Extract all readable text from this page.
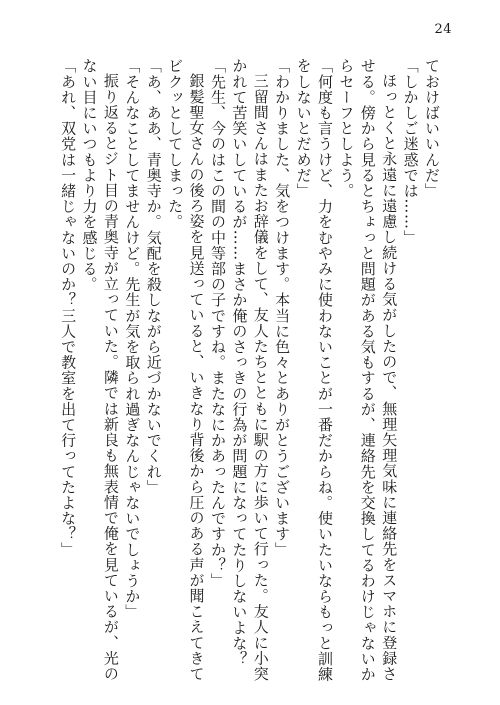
24
ておけばいいんだ」
「しかしご迷惑では……」
ほっとくと永遠に遠慮し続ける気がしたので、無理矢理気味に連絡先をスマホに登録さ
せる。傍から見るとちょっと問題がある気もするが、連絡先を交換してるわけじゃないか
らセーフとしよう。
「何度も言うけど、力をむやみに使わないことが一番だからね。使いたいならもっと訓練
をしないとだめだ」
「わかりました、気をつけます。本当に色々とありがとうございます」
三留間さんはまたお辞儀をして、友人たちとともに駅の方に歩いて行った。友人に小突
かれて苦笑いしているが……まさか俺のさっきの行為が問題になってたりしないよな？
「先生、今のはこの間の中等部の子ですね。またなにかあったんですか？」
銀髪聖女さんの後ろ姿を見送っていると、いきなり背後から圧のある声が聞こえてきて
ビクッとしてしまった。
「あ、ああ、青奥寺か。気配を殺しながら近づかないでくれ」
「そんなことしてませんけど。先生が気を取られ過ぎなんじゃないでしょうか」
振り返るとジト目の青奥寺が立っていた。隣では新良も無表情で俺を見ているが、光の
ない目にいつもより力を感じる。
「あれ、双党は一緒じゃないのか？三人で教室を出て行ってたよな？」
